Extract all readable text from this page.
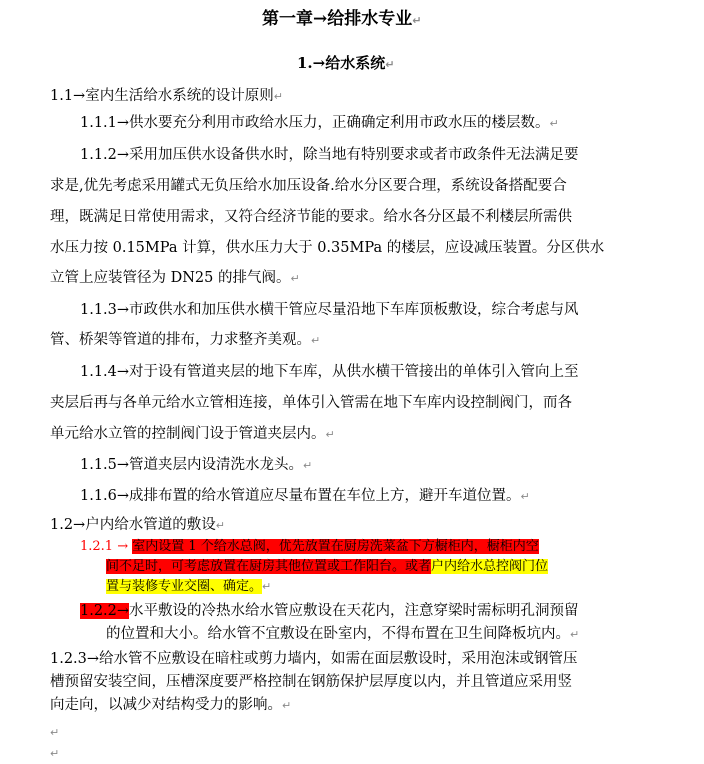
第一章→给排水专业↵
1.→给水系统↵
1.1→室内生活给水系统的设计原则↵
1.1.1→供水要充分利用市政给水压力，正确确定利用市政水压的楼层数。↵
1.1.2→采用加压供水设备供水时，除当地有特别要求或者市政条件无法满足要
求是,优先考虑采用罐式无负压给水加压设备.给水分区要合理，系统设备搭配要合
理，既满足日常使用需求，又符合经济节能的要求。给水各分区最不利楼层所需供
水压力按 0.15MPa 计算，供水压力大于 0.35MPa 的楼层，应设减压装置。分区供水
立管上应装管径为 DN25 的排气阀。↵
1.1.3→市政供水和加压供水横干管应尽量沿地下车库顶板敷设，综合考虑与风
管、桥架等管道的排布，力求整齐美观。↵
1.1.4→对于设有管道夹层的地下车库，从供水横干管接出的单体引入管向上至
夹层后再与各单元给水立管相连接，单体引入管需在地下车库内设控制阀门，而各
单元给水立管的控制阀门设于管道夹层内。↵
1.1.5→管道夹层内设清洗水龙头。↵
1.1.6→成排布置的给水管道应尽量布置在车位上方，避开车道位置。↵
1.2→户内给水管道的敷设↵
1.2.1 → 室内设置 1 个给水总阀，优先放置在厨房洗菜盆下方橱柜内，橱柜内空
间不足时，可考虑放置在厨房其他位置或工作阳台。或者户内给水总控阀门位
置与装修专业交圈、确定。↵
1.2.2→水平敷设的冷热水给水管应敷设在天花内，注意穿梁时需标明孔洞预留
的位置和大小。给水管不宜敷设在卧室内，不得布置在卫生间降板坑内。↵
1.2.3→给水管不应敷设在暗柱或剪力墙内，如需在面层敷设时，采用泡沫或钢管压
槽预留安装空间，压槽深度要严格控制在钢筋保护层厚度以内，并且管道应采用竖
向走向，以减少对结构受力的影响。↵
↵
↵
